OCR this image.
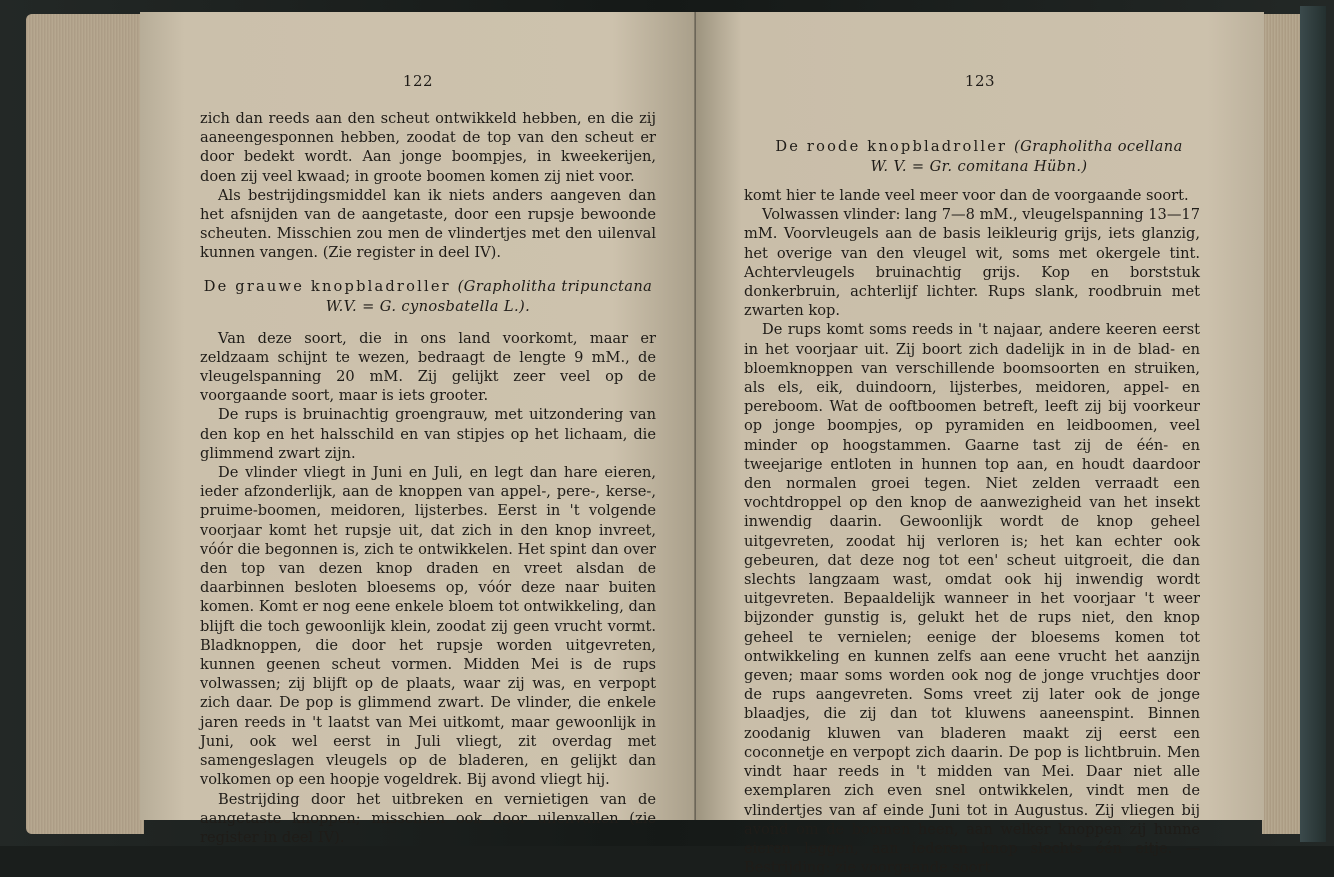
122

zich dan reeds aan den scheut ontwikkeld hebben, en die zij aaneengesponnen hebben, zoodat de top van den scheut er door bedekt wordt. Aan jonge boompjes, in kweekerijen, doen zij veel kwaad; in groote boomen komen zij niet voor.

Als bestrijdingsmiddel kan ik niets anders aangeven dan het afsnijden van de aangetaste, door een rupsje bewoonde scheuten. Misschien zou men de vlindertjes met den uilenval kunnen vangen. (Zie register in deel IV).

De grauwe knopbladroller (Grapholitha tripunctana
W.V. = G. cynosbatella L.).

Van deze soort, die in ons land voorkomt, maar er zeldzaam schijnt te wezen, bedraagt de lengte 9 mM., de vleugelspanning 20 mM. Zij gelijkt zeer veel op de voorgaande soort, maar is iets grooter.

De rups is bruinachtig groengrauw, met uitzondering van den kop en het halsschild en van stipjes op het lichaam, die glimmend zwart zijn.

De vlinder vliegt in Juni en Juli, en legt dan hare eieren, ieder afzonderlijk, aan de knoppen van appel-, pere-, kerse-, pruime-boomen, meidoren, lijsterbes. Eerst in 't volgende voorjaar komt het rupsje uit, dat zich in den knop invreet, vóór die begonnen is, zich te ontwikkelen. Het spint dan over den top van dezen knop draden en vreet alsdan de daarbinnen besloten bloesems op, vóór deze naar buiten komen. Komt er nog eene enkele bloem tot ontwikkeling, dan blijft die toch gewoonlijk klein, zoodat zij geen vrucht vormt. Bladknoppen, die door het rupsje worden uitgevreten, kunnen geenen scheut vormen. Midden Mei is de rups volwassen; zij blijft op de plaats, waar zij was, en verpopt zich daar. De pop is glimmend zwart. De vlinder, die enkele jaren reeds in 't laatst van Mei uitkomt, maar gewoonlijk in Juni, ook wel eerst in Juli vliegt, zit overdag met samengeslagen vleugels op de bladeren, en gelijkt dan volkomen op een hoopje vogeldrek. Bij avond vliegt hij.

Bestrijding door het uitbreken en vernietigen van de aangetaste knoppen; misschien ook door uilenvallen (zie register in deel IV).

123
De roode knopbladroller (Grapholitha ocellana
W. V. = Gr. comitana Hübn.)

komt hier te lande veel meer voor dan de voorgaande soort.

Volwassen vlinder: lang 7—8 mM., vleugelspanning 13—17 mM. Voorvleugels aan de basis leikleurig grijs, iets glanzig, het overige van den vleugel wit, soms met okergele tint. Achtervleugels bruinachtig grijs. Kop en borststuk donkerbruin, achterlijf lichter. Rups slank, roodbruin met zwarten kop.

De rups komt soms reeds in 't najaar, andere keeren eerst in het voorjaar uit. Zij boort zich dadelijk in in de blad- en bloemknoppen van verschillende boomsoorten en struiken, als els, eik, duindoorn, lijsterbes, meidoren, appel- en pereboom. Wat de ooftboomen betreft, leeft zij bij voorkeur op jonge boompjes, op pyramiden en leidboomen, veel minder op hoogstammen. Gaarne tast zij de één- en tweejarige entloten in hunnen top aan, en houdt daardoor den normalen groei tegen. Niet zelden verraadt een vochtdroppel op den knop de aanwezigheid van het insekt inwendig daarin. Gewoonlijk wordt de knop geheel uitgevreten, zoodat hij verloren is; het kan echter ook gebeuren, dat deze nog tot een' scheut uitgroeit, die dan slechts langzaam wast, omdat ook hij inwendig wordt uitgevreten. Bepaaldelijk wanneer in het voorjaar 't weer bijzonder gunstig is, gelukt het de rups niet, den knop geheel te vernielen; eenige der bloesems komen tot ontwikkeling en kunnen zelfs aan eene vrucht het aanzijn geven; maar soms worden ook nog de jonge vruchtjes door de rups aangevreten. Soms vreet zij later ook de jonge blaadjes, die zij dan tot kluwens aaneenspint. Binnen zoodanig kluwen van bladeren maakt zij eerst een coconnetje en verpopt zich daarin. De pop is lichtbruin. Men vindt haar reeds in 't midden van Mei. Daar niet alle exemplaren zich even snel ontwikkelen, vindt men de vlindertjes van af einde Juni tot in Augustus. Zij vliegen bij avond om de boomen heen, aan welker knoppen zij hunne eieren leggen, aan iederen knop slechts één eitje. — Bestrijding: zie voorgaande soort.
